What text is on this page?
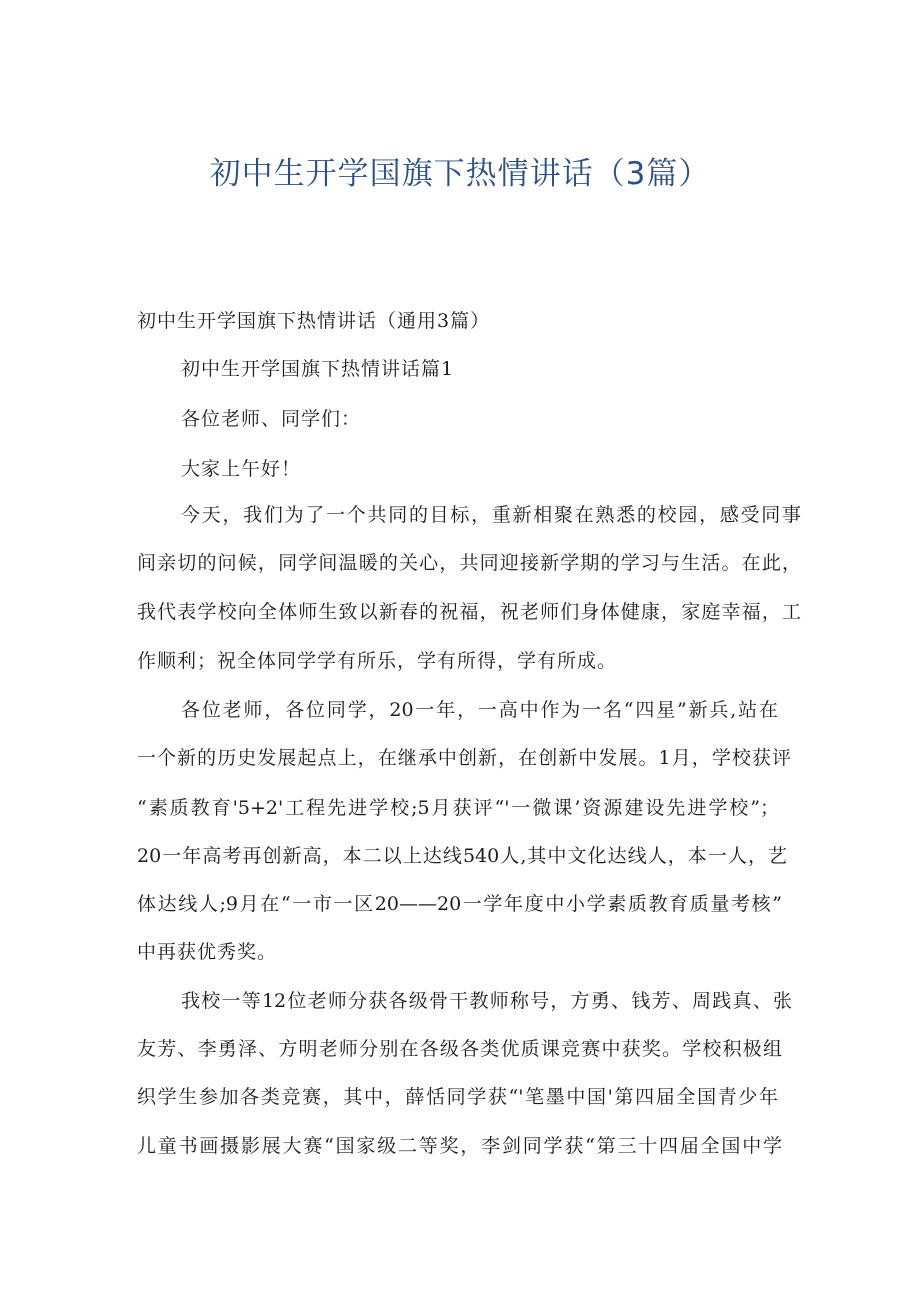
初中生开学国旗下热情讲话（3篇）

初中生开学国旗下热情讲话（通用3篇）

初中生开学国旗下热情讲话篇1

各位老师、同学们：

大家上午好！

今天，我们为了一个共同的目标，重新相聚在熟悉的校园，感受同事

间亲切的问候，同学间温暖的关心，共同迎接新学期的学习与生活。在此，

我代表学校向全体师生致以新春的祝福，祝老师们身体健康，家庭幸福，工

作顺利；祝全体同学学有所乐，学有所得，学有所成。

各位老师，各位同学，20一年，一高中作为一名“四星”新兵,站在

一个新的历史发展起点上，在继承中创新，在创新中发展。1月，学校获评

“素质教育'5+2'工程先进学校;5月获评“'一微课’资源建设先进学校”；

20一年高考再创新高，本二以上达线540人,其中文化达线人，本一人，艺

体达线人;9月在“一市一区20——20一学年度中小学素质教育质量考核”

中再获优秀奖。

我校一等12位老师分获各级骨干教师称号，方勇、钱芳、周践真、张

友芳、李勇泽、方明老师分别在各级各类优质课竞赛中获奖。学校积极组

织学生参加各类竞赛，其中，薛恬同学获“'笔墨中国'第四届全国青少年

儿童书画摄影展大赛“国家级二等奖，李剑同学获“第三十四届全国中学
